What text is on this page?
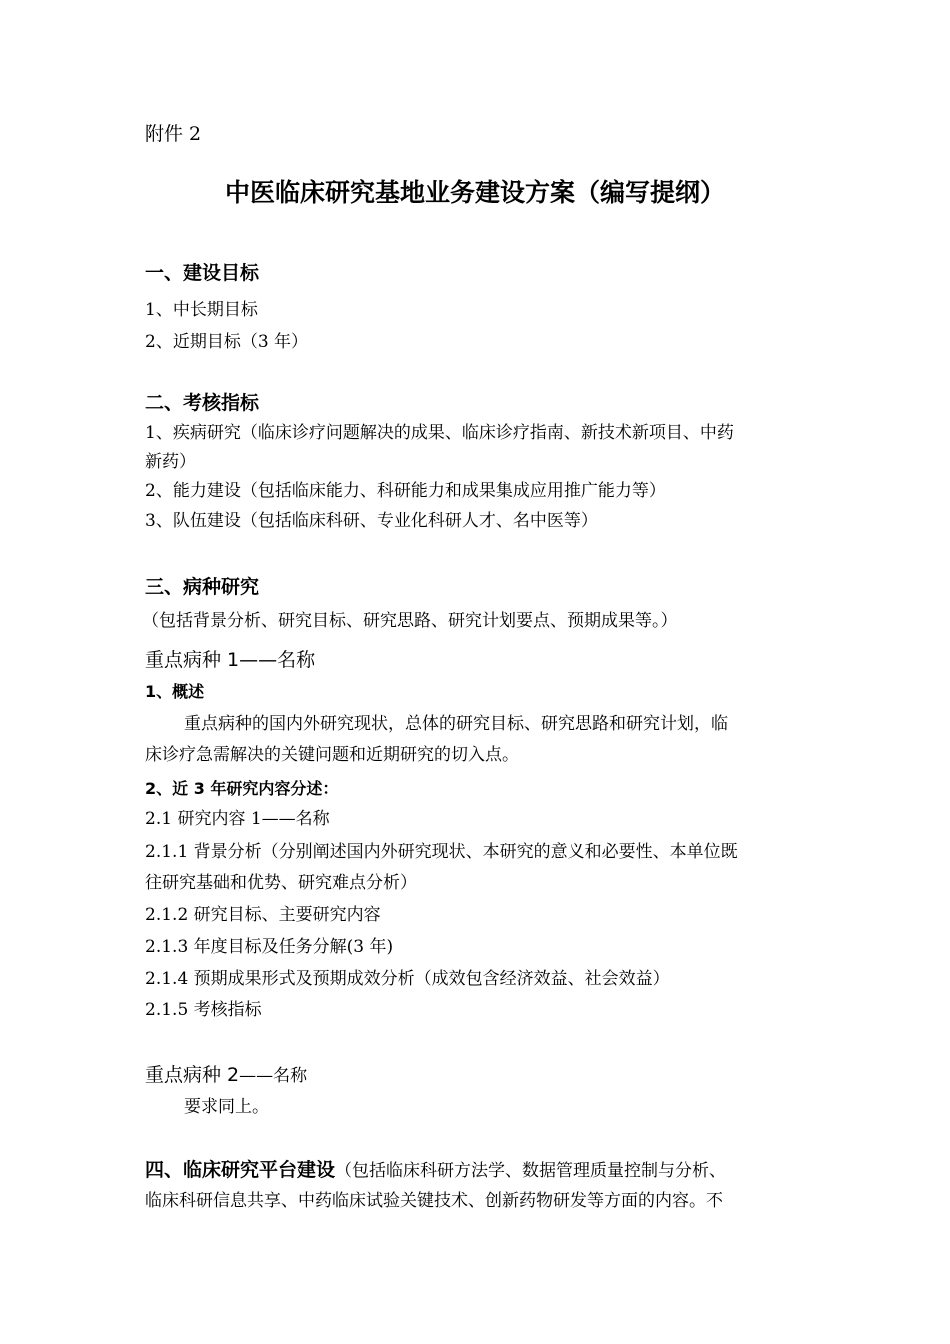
附件 2
中医临床研究基地业务建设方案（编写提纲）
一、建设目标
1、中长期目标
2、近期目标（3 年）
二、考核指标
1、疾病研究（临床诊疗问题解决的成果、临床诊疗指南、新技术新项目、中药
新药）
2、能力建设（包括临床能力、科研能力和成果集成应用推广能力等）
3、队伍建设（包括临床科研、专业化科研人才、名中医等）
三、病种研究
（包括背景分析、研究目标、研究思路、研究计划要点、预期成果等。）
重点病种 1——名称
1、概述
重点病种的国内外研究现状，总体的研究目标、研究思路和研究计划，临
床诊疗急需解决的关键问题和近期研究的切入点。
2、近 3 年研究内容分述：
2.1 研究内容 1——名称
2.1.1 背景分析（分别阐述国内外研究现状、本研究的意义和必要性、本单位既
往研究基础和优势、研究难点分析）
2.1.2 研究目标、主要研究内容
2.1.3 年度目标及任务分解(3 年)
2.1.4 预期成果形式及预期成效分析（成效包含经济效益、社会效益）
2.1.5 考核指标
重点病种 2——名称
要求同上。
四、临床研究平台建设（包括临床科研方法学、数据管理质量控制与分析、
临床科研信息共享、中药临床试验关键技术、创新药物研发等方面的内容。不
